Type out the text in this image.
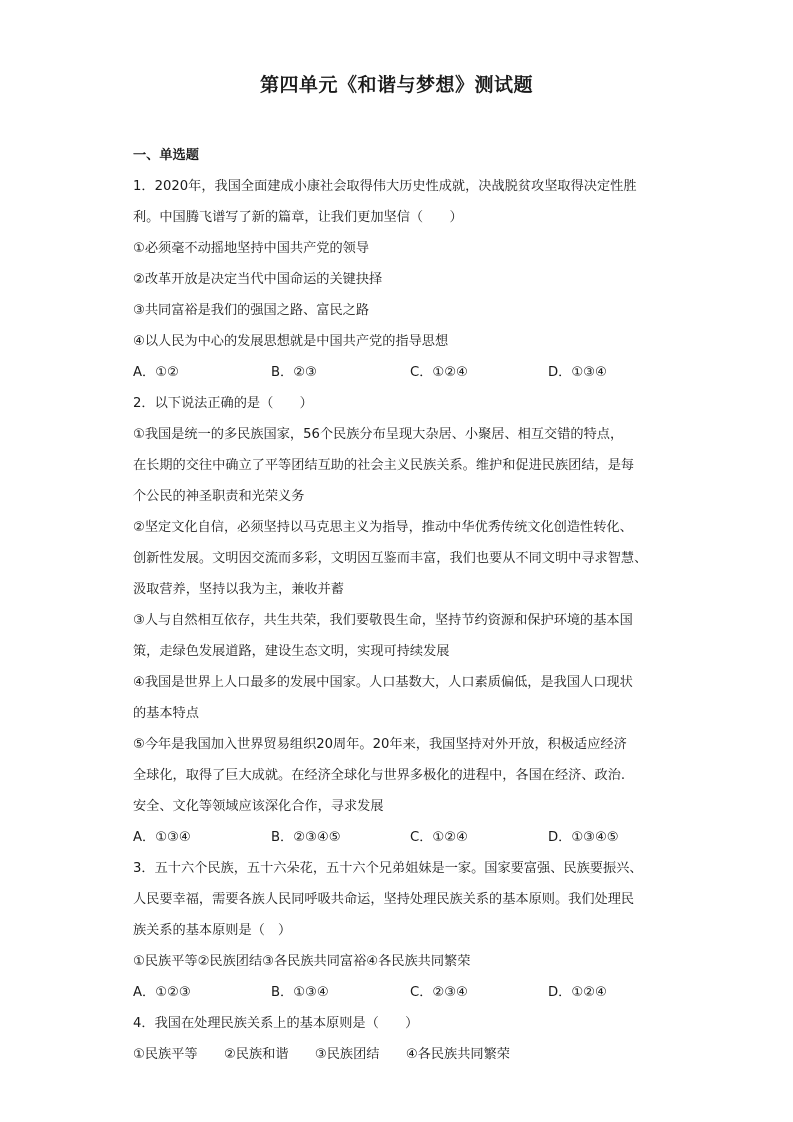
第四单元《和谐与梦想》测试题
一、单选题
1．2020年，我国全面建成小康社会取得伟大历史性成就，决战脱贫攻坚取得决定性胜
利。中国腾飞谱写了新的篇章，让我们更加坚信（　　）
①必须毫不动摇地坚持中国共产党的领导
②改革开放是决定当代中国命运的关键抉择
③共同富裕是我们的强国之路、富民之路
④以人民为中心的发展思想就是中国共产党的指导思想
A．①②	B．②③	C．①②④	D．①③④
2．以下说法正确的是（　　）
①我国是统一的多民族国家，56个民族分布呈现大杂居、小聚居、相互交错的特点，
在长期的交往中确立了平等团结互助的社会主义民族关系。维护和促进民族团结，是每
个公民的神圣职责和光荣义务
②坚定文化自信，必须坚持以马克思主义为指导，推动中华优秀传统文化创造性转化、
创新性发展。文明因交流而多彩，文明因互鉴而丰富，我们也要从不同文明中寻求智慧、
汲取营养，坚持以我为主，兼收并蓄
③人与自然相互依存，共生共荣，我们要敬畏生命，坚持节约资源和保护环境的基本国
策，走绿色发展道路，建设生态文明，实现可持续发展
④我国是世界上人口最多的发展中国家。人口基数大，人口素质偏低，是我国人口现状
的基本特点
⑤今年是我国加入世界贸易组织20周年。20年来，我国坚持对外开放，积极适应经济
全球化，取得了巨大成就。在经济全球化与世界多极化的进程中，各国在经济、政治.
安全、文化等领域应该深化合作，寻求发展
A．①③④	B．②③④⑤	C．①②④	D．①③④⑤
3．五十六个民族，五十六朵花，五十六个兄弟姐妹是一家。国家要富强、民族要振兴、
人民要幸福，需要各族人民同呼吸共命运，坚持处理民族关系的基本原则。我们处理民
族关系的基本原则是（　）
①民族平等②民族团结③各民族共同富裕④各民族共同繁荣
A．①②③	B．①③④	C．②③④	D．①②④
4．我国在处理民族关系上的基本原则是（　　）
①民族平等　　②民族和谐　　③民族团结　　④各民族共同繁荣
